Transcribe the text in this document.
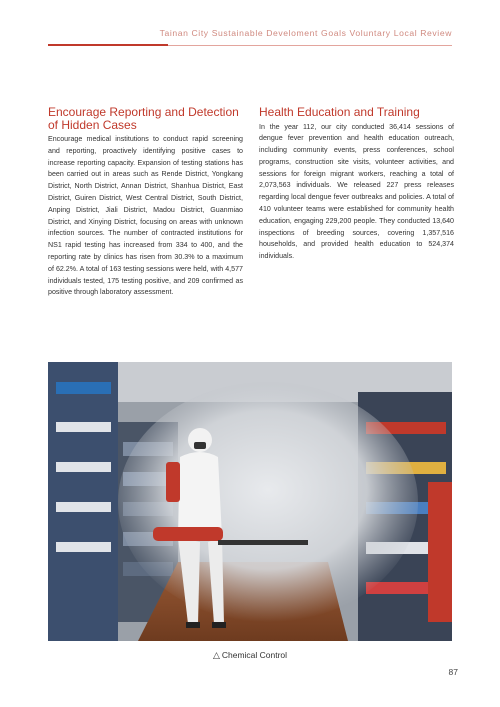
Tainan City Sustainable Develoment Goals Voluntary Local Review
Encourage Reporting and Detection of Hidden Cases

Encourage medical institutions to conduct rapid screening and reporting, proactively identifying positive cases to increase reporting capacity. Expansion of testing stations has been carried out in areas such as Rende District, Yongkang District, North District, Annan District, Shanhua District, East District, Guiren District, West Central District, South District, Anping District, Jiali District, Madou District, Guanmiao District, and Xinying District, focusing on areas with unknown infection sources. The number of contracted institutions for NS1 rapid testing has increased from 334 to 400, and the reporting rate by clinics has risen from 30.3% to a maximum of 62.2%. A total of 163 testing sessions were held, with 4,577 individuals tested, 175 testing positive, and 209 confirmed as positive through laboratory assessment.

Health Education and Training

In the year 112, our city conducted 36,414 sessions of dengue fever prevention and health education outreach, including community events, press conferences, school programs, construction site visits, volunteer activities, and sessions for foreign migrant workers, reaching a total of 2,073,563 individuals. We released 227 press releases regarding local dengue fever outbreaks and policies. A total of 410 volunteer teams were established for community health education, engaging 229,200 people. They conducted 13,640 inspections of breeding sources, covering 1,357,516 households, and provided health education to 524,374 individuals.

△ Chemical Control
87
